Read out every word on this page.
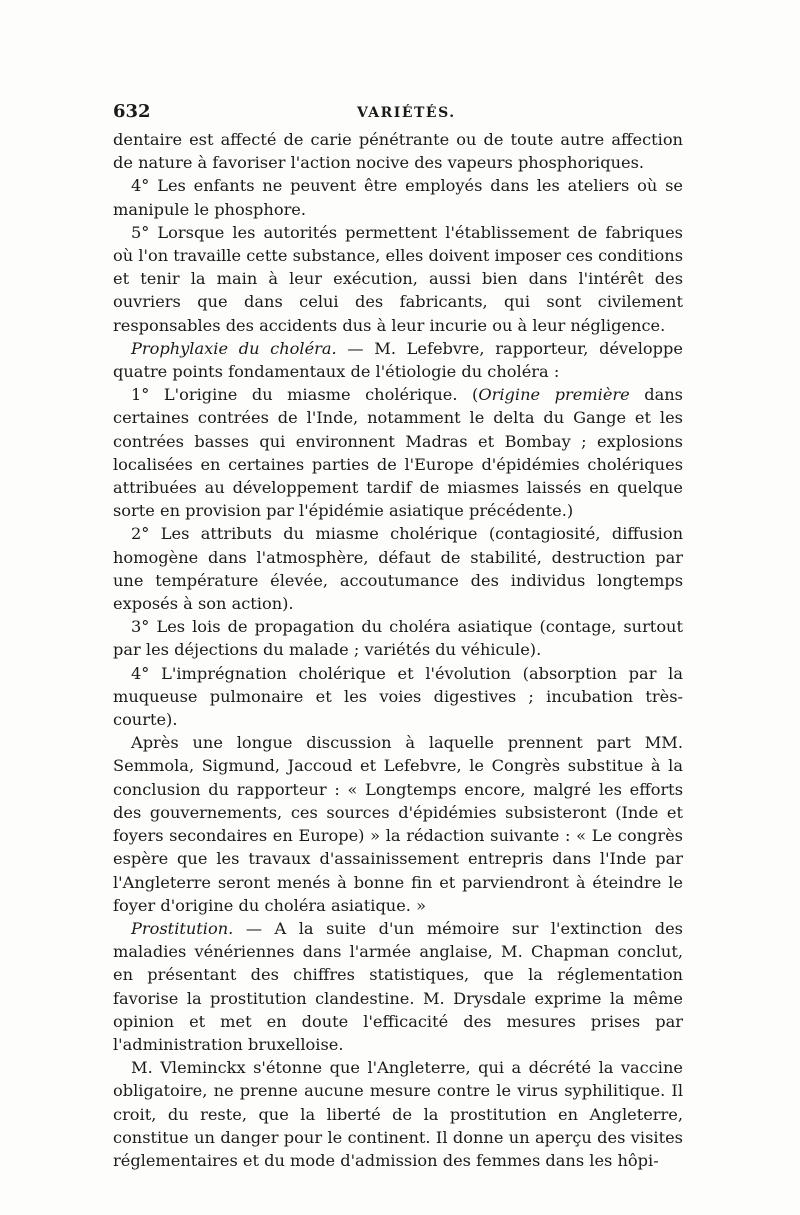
632	VARIÉTÉS.

dentaire est affecté de carie pénétrante ou de toute autre affection de nature à favoriser l'action nocive des vapeurs phosphoriques.

4° Les enfants ne peuvent être employés dans les ateliers où se manipule le phosphore.

5° Lorsque les autorités permettent l'établissement de fabriques où l'on travaille cette substance, elles doivent imposer ces conditions et tenir la main à leur exécution, aussi bien dans l'intérêt des ouvriers que dans celui des fabricants, qui sont civilement responsables des accidents dus à leur incurie ou à leur négligence.

Prophylaxie du choléra. — M. Lefebvre, rapporteur, développe quatre points fondamentaux de l'étiologie du choléra :

1° L'origine du miasme cholérique. (Origine première dans certaines contrées de l'Inde, notamment le delta du Gange et les contrées basses qui environnent Madras et Bombay ; explosions localisées en certaines parties de l'Europe d'épidémies cholériques attribuées au développement tardif de miasmes laissés en quelque sorte en provision par l'épidémie asiatique précédente.)

2° Les attributs du miasme cholérique (contagiosité, diffusion homogène dans l'atmosphère, défaut de stabilité, destruction par une température élevée, accoutumance des individus longtemps exposés à son action).

3° Les lois de propagation du choléra asiatique (contage, surtout par les déjections du malade ; variétés du véhicule).

4° L'imprégnation cholérique et l'évolution (absorption par la muqueuse pulmonaire et les voies digestives ; incubation très-courte).

Après une longue discussion à laquelle prennent part MM. Semmola, Sigmund, Jaccoud et Lefebvre, le Congrès substitue à la conclusion du rapporteur : « Longtemps encore, malgré les efforts des gouvernements, ces sources d'épidémies subsisteront (Inde et foyers secondaires en Europe) » la rédaction suivante : « Le congrès espère que les travaux d'assainissement entrepris dans l'Inde par l'Angleterre seront menés à bonne fin et parviendront à éteindre le foyer d'origine du choléra asiatique. »

Prostitution. — A la suite d'un mémoire sur l'extinction des maladies vénériennes dans l'armée anglaise, M. Chapman conclut, en présentant des chiffres statistiques, que la réglementation favorise la prostitution clandestine. M. Drysdale exprime la même opinion et met en doute l'efficacité des mesures prises par l'administration bruxelloise.

M. Vleminckx s'étonne que l'Angleterre, qui a décrété la vaccine obligatoire, ne prenne aucune mesure contre le virus syphilitique. Il croit, du reste, que la liberté de la prostitution en Angleterre, constitue un danger pour le continent. Il donne un aperçu des visites réglementaires et du mode d'admission des femmes dans les hôpi-
